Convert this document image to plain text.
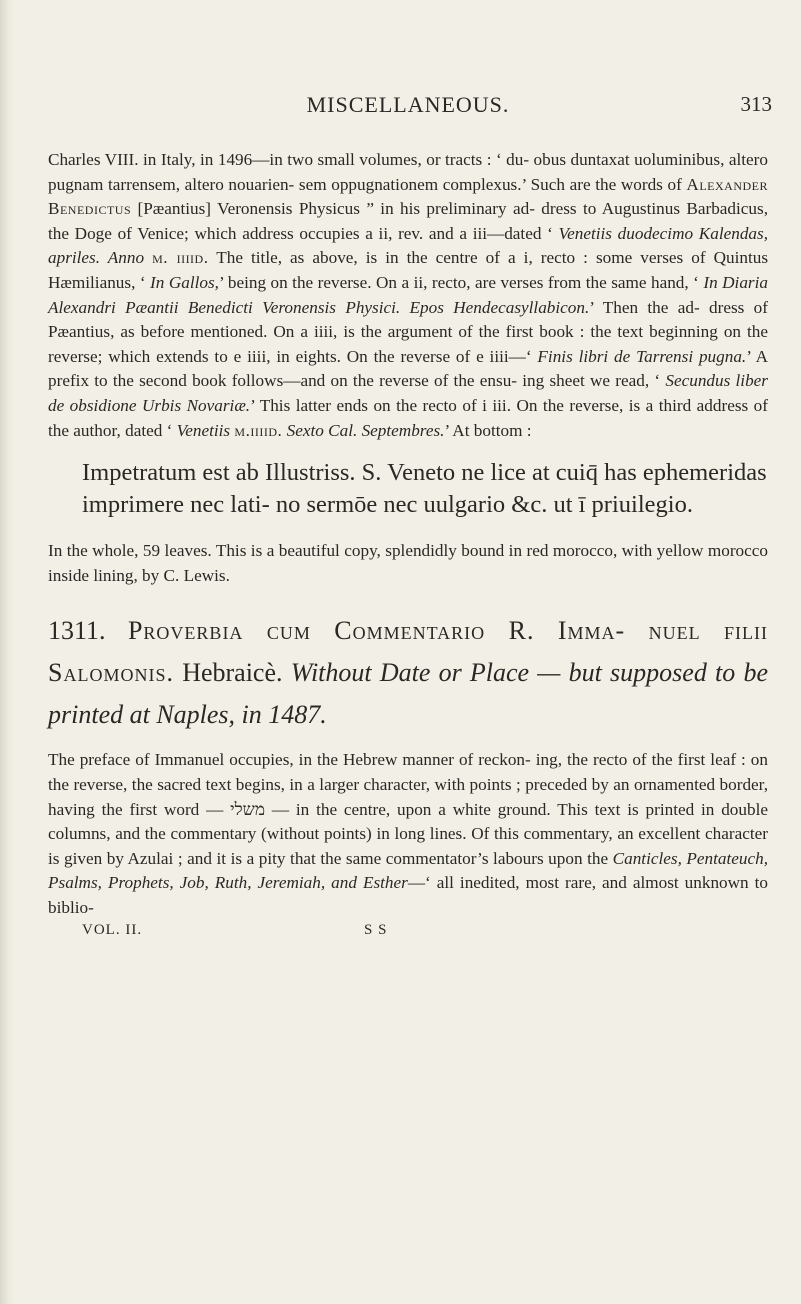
MISCELLANEOUS.	313

Charles VIII. in Italy, in 1496—in two small volumes, or tracts : ‘ du- obus duntaxat uoluminibus, altero pugnam tarrensem, altero nouarien- sem oppugnationem complexus.’ Such are the words of Alexander Benedictus [Pæantius] Veronensis Physicus ” in his preliminary ad- dress to Augustinus Barbadicus, the Doge of Venice; which address occupies a ii, rev. and a iii—dated ‘ Venetiis duodecimo Kalendas, apriles. Anno m. iiiid. The title, as above, is in the centre of a i, recto : some verses of Quintus Hæmilianus, ‘ In Gallos,’ being on the reverse. On a ii, recto, are verses from the same hand, ‘ In Diaria Alexandri Pæantii Benedicti Veronensis Physici. Epos Hendecasyllabicon.’ Then the ad- dress of Pæantius, as before mentioned. On a iiii, is the argument of the first book : the text beginning on the reverse; which extends to e iiii, in eights. On the reverse of e iiii—‘ Finis libri de Tarrensi pugna.’ A prefix to the second book follows—and on the reverse of the ensu- ing sheet we read, ‘ Secundus liber de obsidione Urbis Novariæ.’ This latter ends on the recto of i iii. On the reverse, is a third address of the author, dated ‘ Venetiis m.iiiid. Sexto Cal. Septembres.’ At bottom :

Impetratum est ab Illustriss. S. Veneto ne lice at cuiq̄ has ephemeridas imprimere nec lati- no sermōe nec uulgario &c. ut ī priuilegio.

In the whole, 59 leaves. This is a beautiful copy, splendidly bound in red morocco, with yellow morocco inside lining, by C. Lewis.

1311. Proverbia cum Commentario R. Imma- nuel filii Salomonis. Hebraicè. Without Date or Place — but supposed to be printed at Naples, in 1487.

The preface of Immanuel occupies, in the Hebrew manner of reckon- ing, the recto of the first leaf : on the reverse, the sacred text begins, in a larger character, with points ; preceded by an ornamented border, having the first word — משלי — in the centre, upon a white ground. This text is printed in double columns, and the commentary (without points) in long lines. Of this commentary, an excellent character is given by Azulai ; and it is a pity that the same commentator’s labours upon the Canticles, Pentateuch, Psalms, Prophets, Job, Ruth, Jeremiah, and Esther—‘ all inedited, most rare, and almost unknown to biblio-

VOL. II.	S S
